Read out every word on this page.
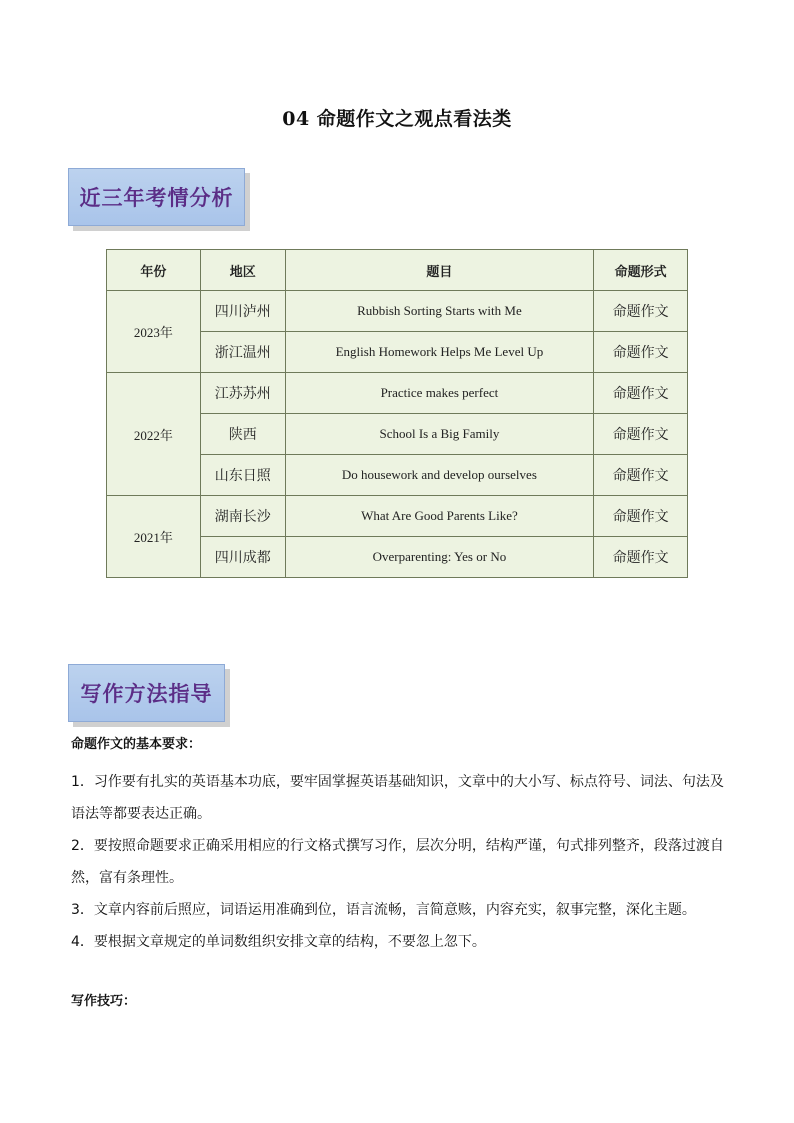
04 命题作文之观点看法类
近三年考情分析
年份	地区	题目	命题形式
2023年	四川泸州	Rubbish Sorting Starts with Me	命题作文
	浙江温州	English Homework Helps Me Level Up	命题作文
2022年	江苏苏州	Practice makes perfect	命题作文
	陕西	School Is a Big Family	命题作文
	山东日照	Do housework and develop ourselves	命题作文
2021年	湖南长沙	What Are Good Parents Like?	命题作文
	四川成都	Overparenting: Yes or No	命题作文
写作方法指导
命题作文的基本要求：

1．习作要有扎实的英语基本功底，要牢固掌握英语基础知识，文章中的大小写、标点符号、词法、句法及语法等都要表达正确。

2．要按照命题要求正确采用相应的行文格式撰写习作，层次分明，结构严谨，句式排列整齐，段落过渡自然，富有条理性。

3．文章内容前后照应，词语运用准确到位，语言流畅，言简意赅，内容充实，叙事完整，深化主题。

4．要根据文章规定的单词数组织安排文章的结构，不要忽上忽下。

写作技巧：
